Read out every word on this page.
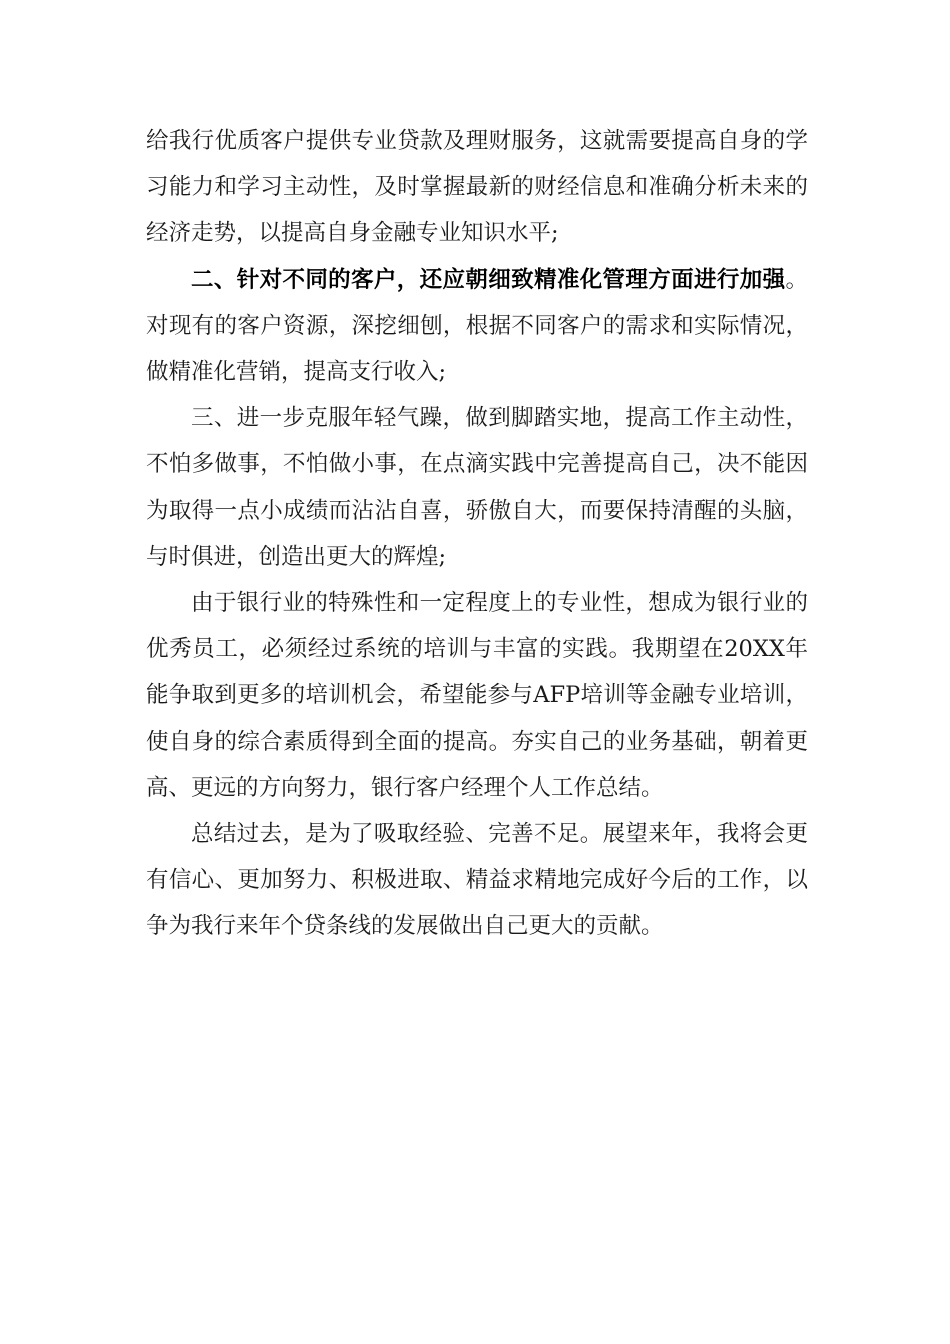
给我行优质客户提供专业贷款及理财服务，这就需要提高自身的学习能力和学习主动性，及时掌握最新的财经信息和准确分析未来的经济走势，以提高自身金融专业知识水平;

二、针对不同的客户，还应朝细致精准化管理方面进行加强。对现有的客户资源，深挖细刨，根据不同客户的需求和实际情况，做精准化营销，提高支行收入;

三、进一步克服年轻气躁，做到脚踏实地，提高工作主动性，不怕多做事，不怕做小事，在点滴实践中完善提高自己，决不能因为取得一点小成绩而沾沾自喜，骄傲自大，而要保持清醒的头脑，与时俱进，创造出更大的辉煌;

由于银行业的特殊性和一定程度上的专业性，想成为银行业的优秀员工，必须经过系统的培训与丰富的实践。我期望在20XX年能争取到更多的培训机会，希望能参与AFP培训等金融专业培训，使自身的综合素质得到全面的提高。夯实自己的业务基础，朝着更高、更远的方向努力，银行客户经理个人工作总结。

总结过去，是为了吸取经验、完善不足。展望来年，我将会更有信心、更加努力、积极进取、精益求精地完成好今后的工作，以争为我行来年个贷条线的发展做出自己更大的贡献。
